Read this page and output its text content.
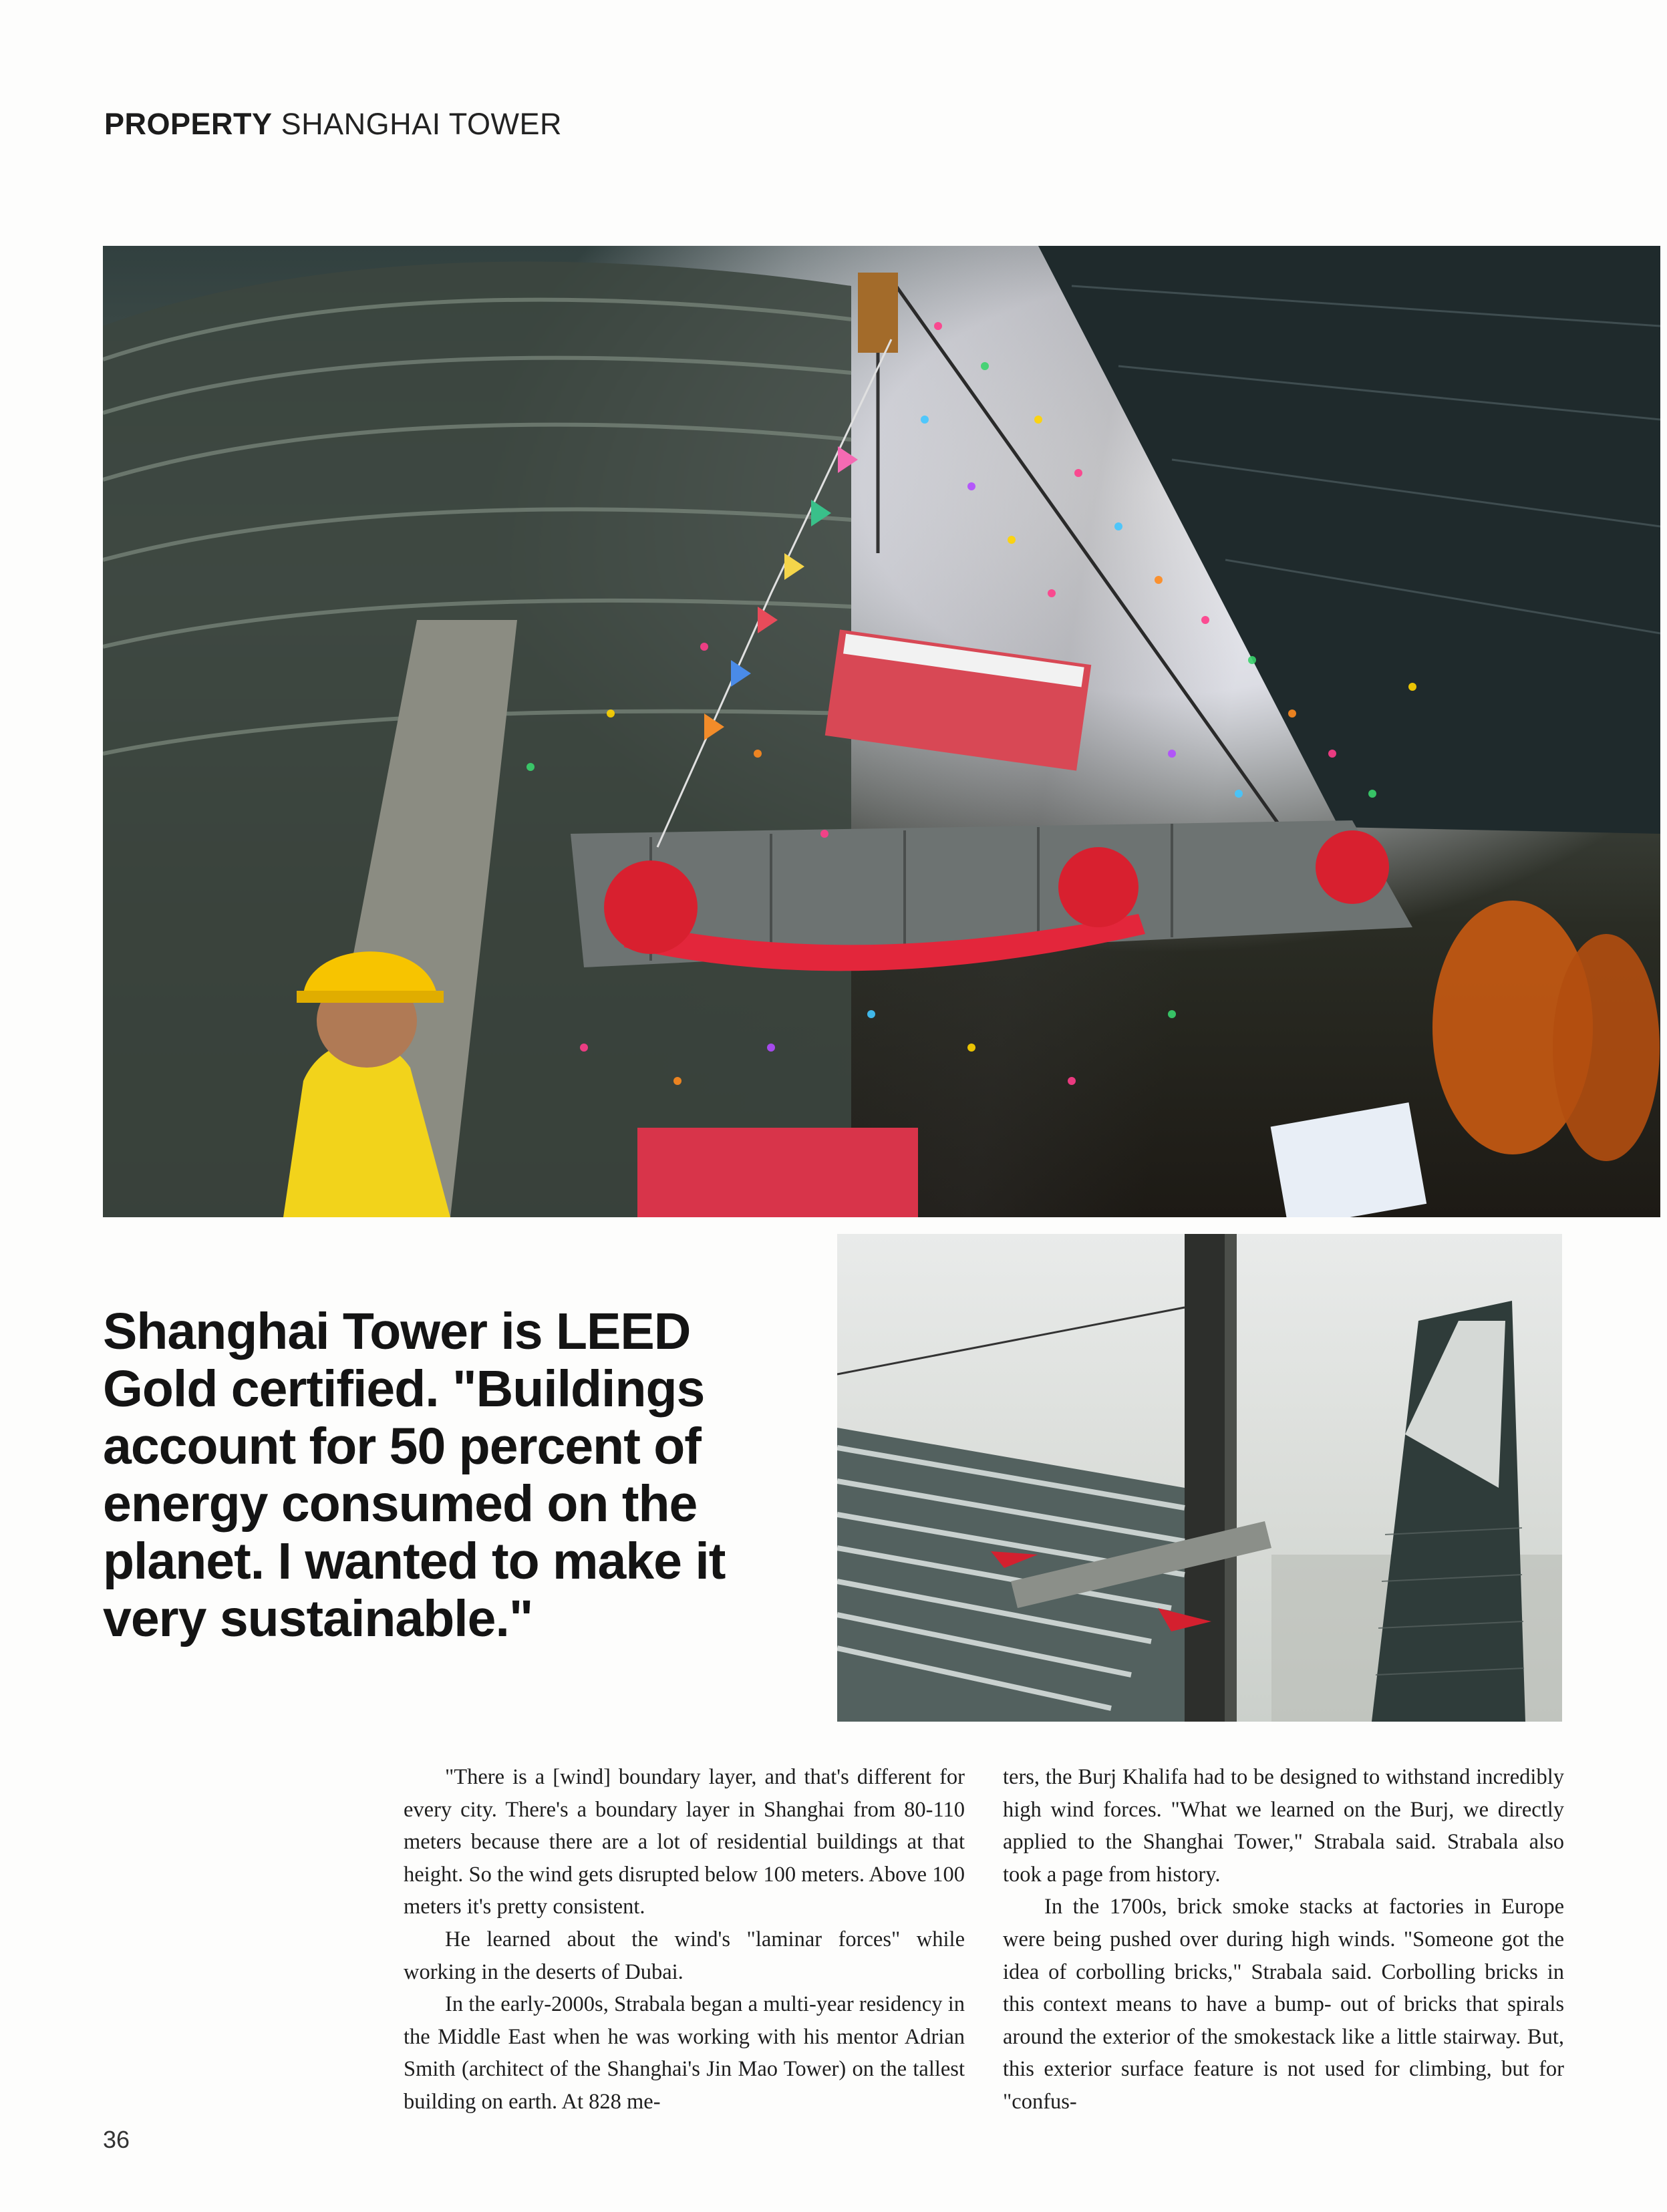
PROPERTY SHANGHAI TOWER

Shanghai Tower is LEED Gold certified. "Buildings account for 50 percent of energy consumed on the planet. I wanted to make it very sustainable."

"There is a [wind] boundary layer, and that's different for every city. There's a boundary layer in Shanghai from 80-110 meters because there are a lot of residential buildings at that height. So the wind gets disrupted below 100 meters. Above 100 meters it's pretty consistent.

He learned about the wind's "laminar forces" while working in the deserts of Dubai.

In the early-2000s, Strabala began a multi-year residency in the Middle East when he was working with his mentor Adrian Smith (architect of the Shanghai's Jin Mao Tower) on the tallest building on earth. At 828 me-

ters, the Burj Khalifa had to be designed to withstand incredibly high wind forces. "What we learned on the Burj, we directly applied to the Shanghai Tower," Strabala said. Strabala also took a page from history.

In the 1700s, brick smoke stacks at factories in Europe were being pushed over during high winds. "Someone got the idea of corbolling bricks," Strabala said. Corbolling bricks in this context means to have a bump- out of bricks that spirals around the exterior of the smokestack like a little stairway. But, this exterior surface feature is not used for climbing, but for "confus-

36
